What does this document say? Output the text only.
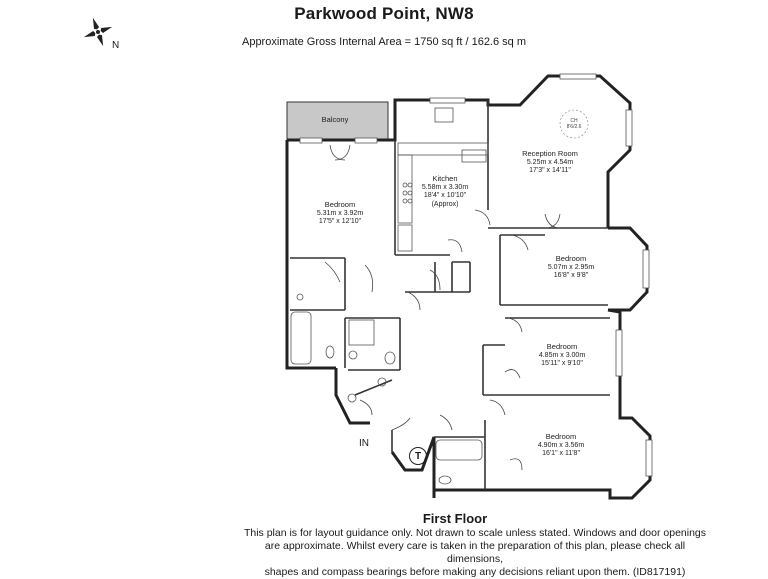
Parkwood Point, NW8
Approximate Gross Internal Area = 1750 sq ft / 162.6 sq m
N
Balcony	CH
8'6/2.6
Reception Room
5.25m x 4.54m
17'3" x 14'11"
Kitchen
5.58m x 3.30m
18'4" x 10'10"
(Approx)
Bedroom
5.31m x 3.92m
17'5" x 12'10"
Bedroom
5.07m x 2.95m
16'8" x 9'8"
Bedroom
4.85m x 3.00m
15'11" x 9'10"
Bedroom
4.90m x 3.56m
16'1" x 11'8"
IN
T
First Floor
This plan is for layout guidance only. Not drawn to scale unless stated. Windows and door openings
are approximate. Whilst every care is taken in the preparation of this plan, please check all dimensions,
shapes and compass bearings before making any decisions reliant upon them. (ID817191)
